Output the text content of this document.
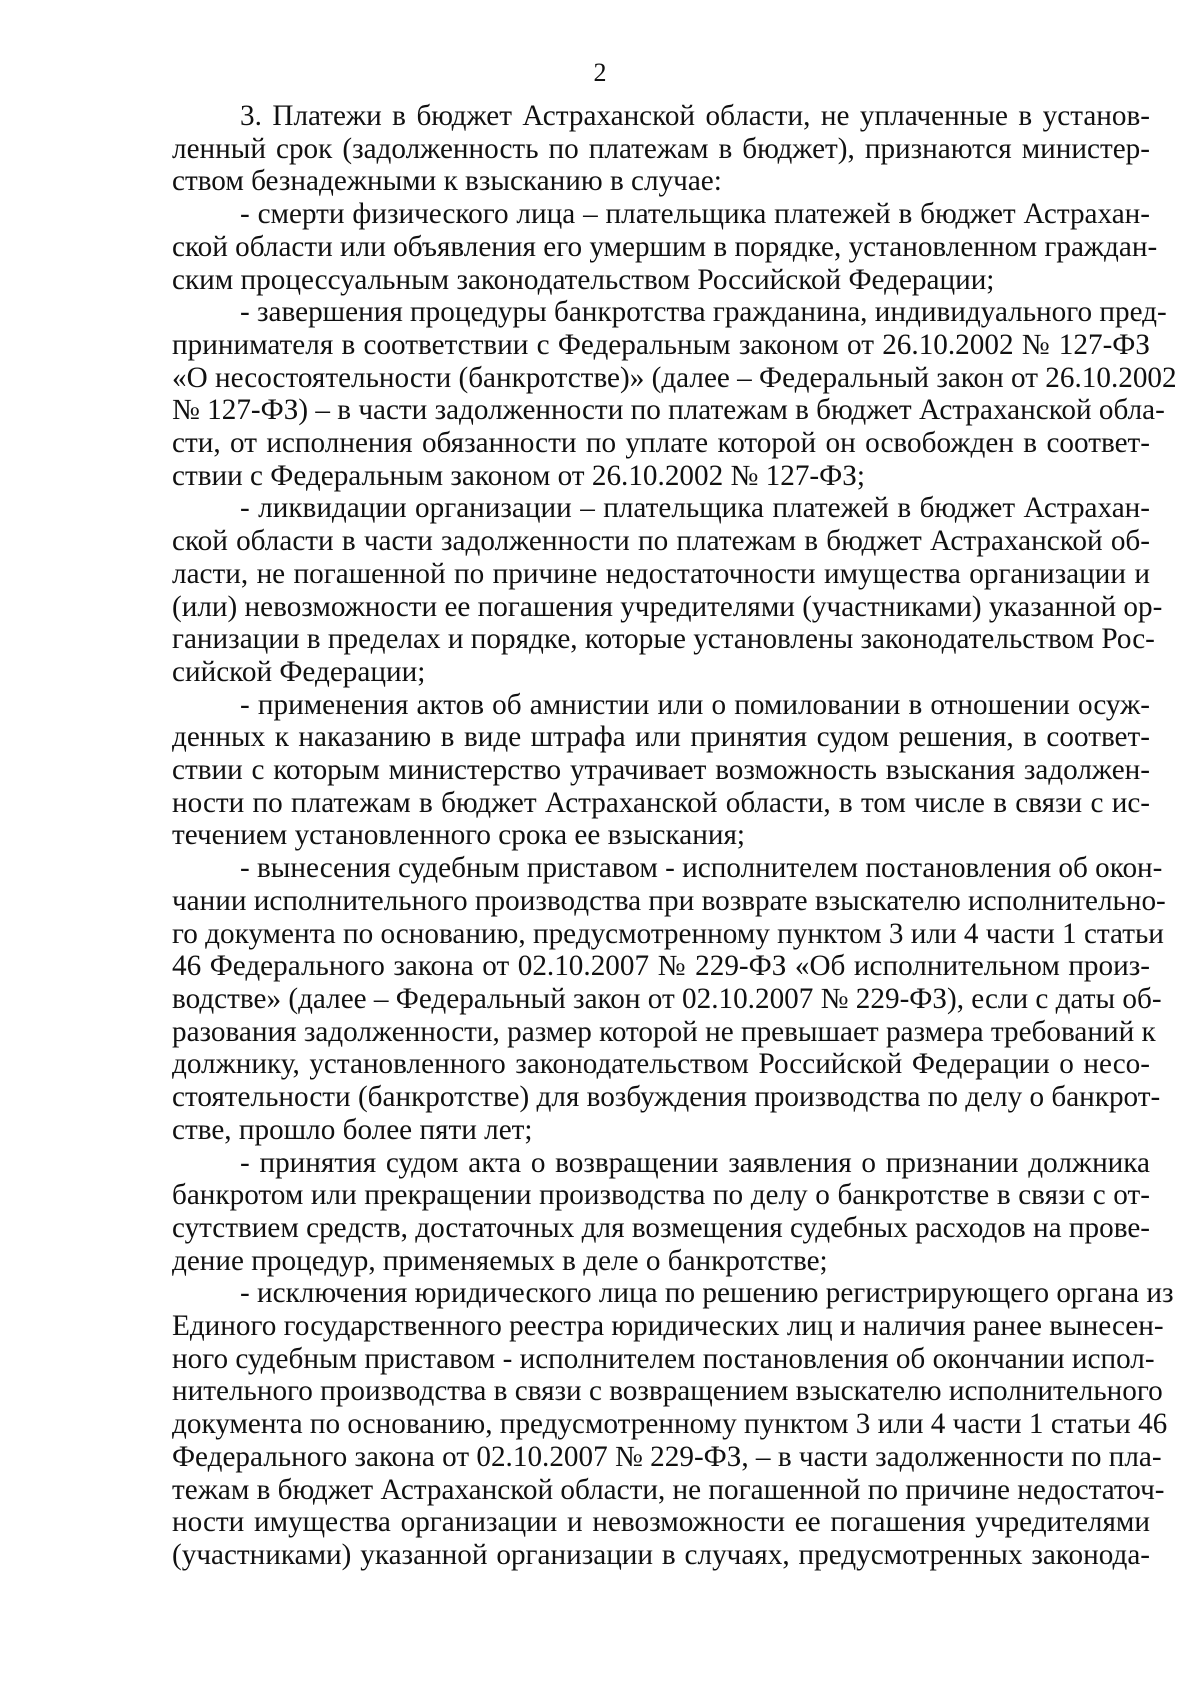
2
3. Платежи в бюджет Астраханской области, не уплаченные в установ-
ленный срок (задолженность по платежам в бюджет), признаются министер-
ством безнадежными к взысканию в случае:
- смерти физического лица – плательщика платежей в бюджет Астрахан-
ской области или объявления его умершим в порядке, установленном граждан-
ским процессуальным законодательством Российской Федерации;
- завершения процедуры банкротства гражданина, индивидуального пред-
принимателя в соответствии с Федеральным законом от 26.10.2002 № 127-ФЗ
«О несостоятельности (банкротстве)» (далее – Федеральный закон от 26.10.2002
№ 127-ФЗ) – в части задолженности по платежам в бюджет Астраханской обла-
сти, от исполнения обязанности по уплате которой он освобожден в соответ-
ствии с Федеральным законом от 26.10.2002 № 127-ФЗ;
- ликвидации организации – плательщика платежей в бюджет Астрахан-
ской области в части задолженности по платежам в бюджет Астраханской об-
ласти, не погашенной по причине недостаточности имущества организации и
(или) невозможности ее погашения учредителями (участниками) указанной ор-
ганизации в пределах и порядке, которые установлены законодательством Рос-
сийской Федерации;
- применения актов об амнистии или о помиловании в отношении осуж-
денных к наказанию в виде штрафа или принятия судом решения, в соответ-
ствии с которым министерство утрачивает возможность взыскания задолжен-
ности по платежам в бюджет Астраханской области, в том числе в связи с ис-
течением установленного срока ее взыскания;
- вынесения судебным приставом - исполнителем постановления об окон-
чании исполнительного производства при возврате взыскателю исполнительно-
го документа по основанию, предусмотренному пунктом 3 или 4 части 1 статьи
46 Федерального закона от 02.10.2007 № 229-ФЗ «Об исполнительном произ-
водстве» (далее – Федеральный закон от 02.10.2007 № 229-ФЗ), если с даты об-
разования задолженности, размер которой не превышает размера требований к
должнику, установленного законодательством Российской Федерации о несо-
стоятельности (банкротстве) для возбуждения производства по делу о банкрот-
стве, прошло более пяти лет;
- принятия судом акта о возвращении заявления о признании должника
банкротом или прекращении производства по делу о банкротстве в связи с от-
сутствием средств, достаточных для возмещения судебных расходов на прове-
дение процедур, применяемых в деле о банкротстве;
- исключения юридического лица по решению регистрирующего органа из
Единого государственного реестра юридических лиц и наличия ранее вынесен-
ного судебным приставом - исполнителем постановления об окончании испол-
нительного производства в связи с возвращением взыскателю исполнительного
документа по основанию, предусмотренному пунктом 3 или 4 части 1 статьи 46
Федерального закона от 02.10.2007 № 229-ФЗ, – в части задолженности по пла-
тежам в бюджет Астраханской области, не погашенной по причине недостаточ-
ности имущества организации и невозможности ее погашения учредителями
(участниками) указанной организации в случаях, предусмотренных законода-
